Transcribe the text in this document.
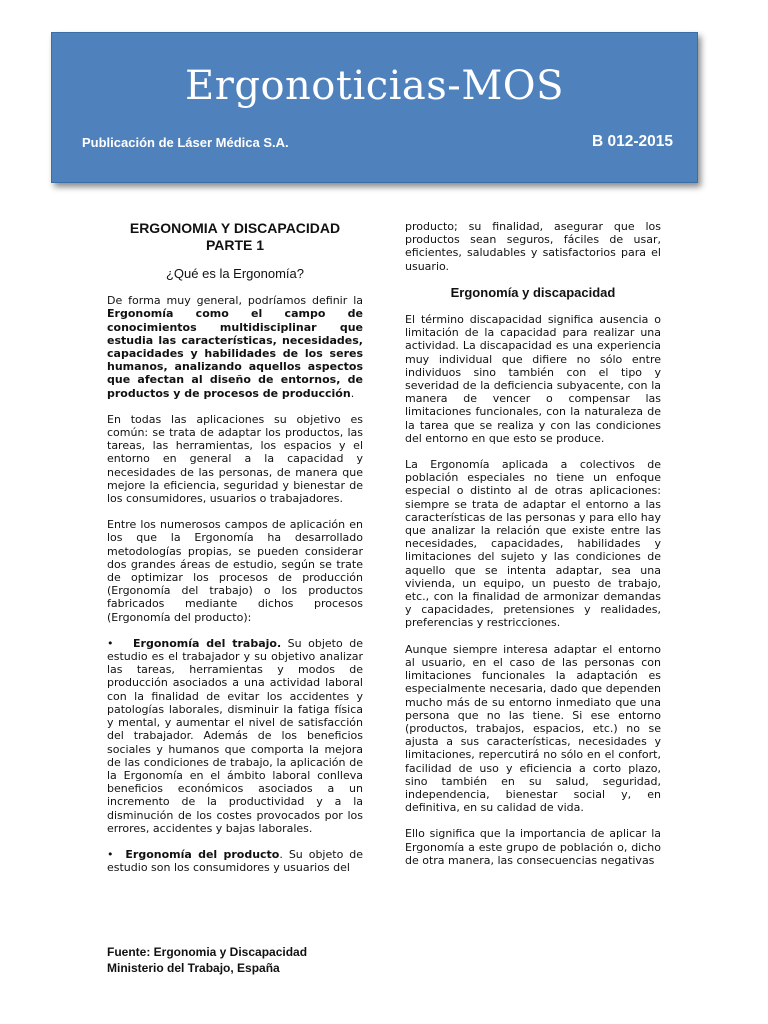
Ergonoticias-MOS
Publicación de Láser Médica S.A.	B 012-2015
ERGONOMIA Y DISCAPACIDAD
PARTE 1
¿Qué es la Ergonomía?

De forma muy general, podríamos definir la Ergonomía como el campo de conocimientos multidisciplinar que estudia las características, necesidades, capacidades y habilidades de los seres humanos, analizando aquellos aspectos que afectan al diseño de entornos, de productos y de procesos de producción.

En todas las aplicaciones su objetivo es común: se trata de adaptar los productos, las tareas, las herramientas, los espacios y el entorno en general a la capacidad y necesidades de las personas, de manera que mejore la eficiencia, seguridad y bienestar de los consumidores, usuarios o trabajadores.

Entre los numerosos campos de aplicación en los que la Ergonomía ha desarrollado metodologías propias, se pueden considerar dos grandes áreas de estudio, según se trate de optimizar los procesos de producción (Ergonomía del trabajo) o los productos fabricados mediante dichos procesos (Ergonomía del producto):

•   Ergonomía del trabajo. Su objeto de estudio es el trabajador y su objetivo analizar las tareas, herramientas y modos de producción asociados a una actividad laboral con la finalidad de evitar los accidentes y patologías laborales, disminuir la fatiga física y mental, y aumentar el nivel de satisfacción del trabajador. Además de los beneficios sociales y humanos que comporta la mejora de las condiciones de trabajo, la aplicación de la Ergonomía en el ámbito laboral conlleva beneficios económicos asociados a un incremento de la productividad y a la disminución de los costes provocados por los errores, accidentes y bajas laborales.

•  Ergonomía del producto. Su objeto de estudio son los consumidores y usuarios del

Fuente: Ergonomia y Discapacidad
Ministerio del Trabajo, España

producto; su finalidad, asegurar que los productos sean seguros, fáciles de usar, eficientes, saludables y satisfactorios para el usuario.

Ergonomía y discapacidad

El término discapacidad significa ausencia o limitación de la capacidad para realizar una actividad. La discapacidad es una experiencia muy individual que difiere no sólo entre individuos sino también con el tipo y severidad de la deficiencia subyacente, con la manera de vencer o compensar las limitaciones funcionales, con la naturaleza de la tarea que se realiza y con las condiciones del entorno en que esto se produce.

La Ergonomía aplicada a colectivos de población especiales no tiene un enfoque especial o distinto al de otras aplicaciones: siempre se trata de adaptar el entorno a las características de las personas y para ello hay que analizar la relación que existe entre las necesidades, capacidades, habilidades y limitaciones del sujeto y las condiciones de aquello que se intenta adaptar, sea una vivienda, un equipo, un puesto de trabajo, etc., con la finalidad de armonizar demandas y capacidades, pretensiones y realidades, preferencias y restricciones.

Aunque siempre interesa adaptar el entorno al usuario, en el caso de las personas con limitaciones funcionales la adaptación es especialmente necesaria, dado que dependen mucho más de su entorno inmediato que una persona que no las tiene. Si ese entorno (productos, trabajos, espacios, etc.) no se ajusta a sus características, necesidades y limitaciones, repercutirá no sólo en el confort, facilidad de uso y eficiencia a corto plazo, sino también en su salud, seguridad, independencia, bienestar social y, en definitiva, en su calidad de vida.

Ello significa que la importancia de aplicar la Ergonomía a este grupo de población o, dicho de otra manera, las consecuencias negativas
